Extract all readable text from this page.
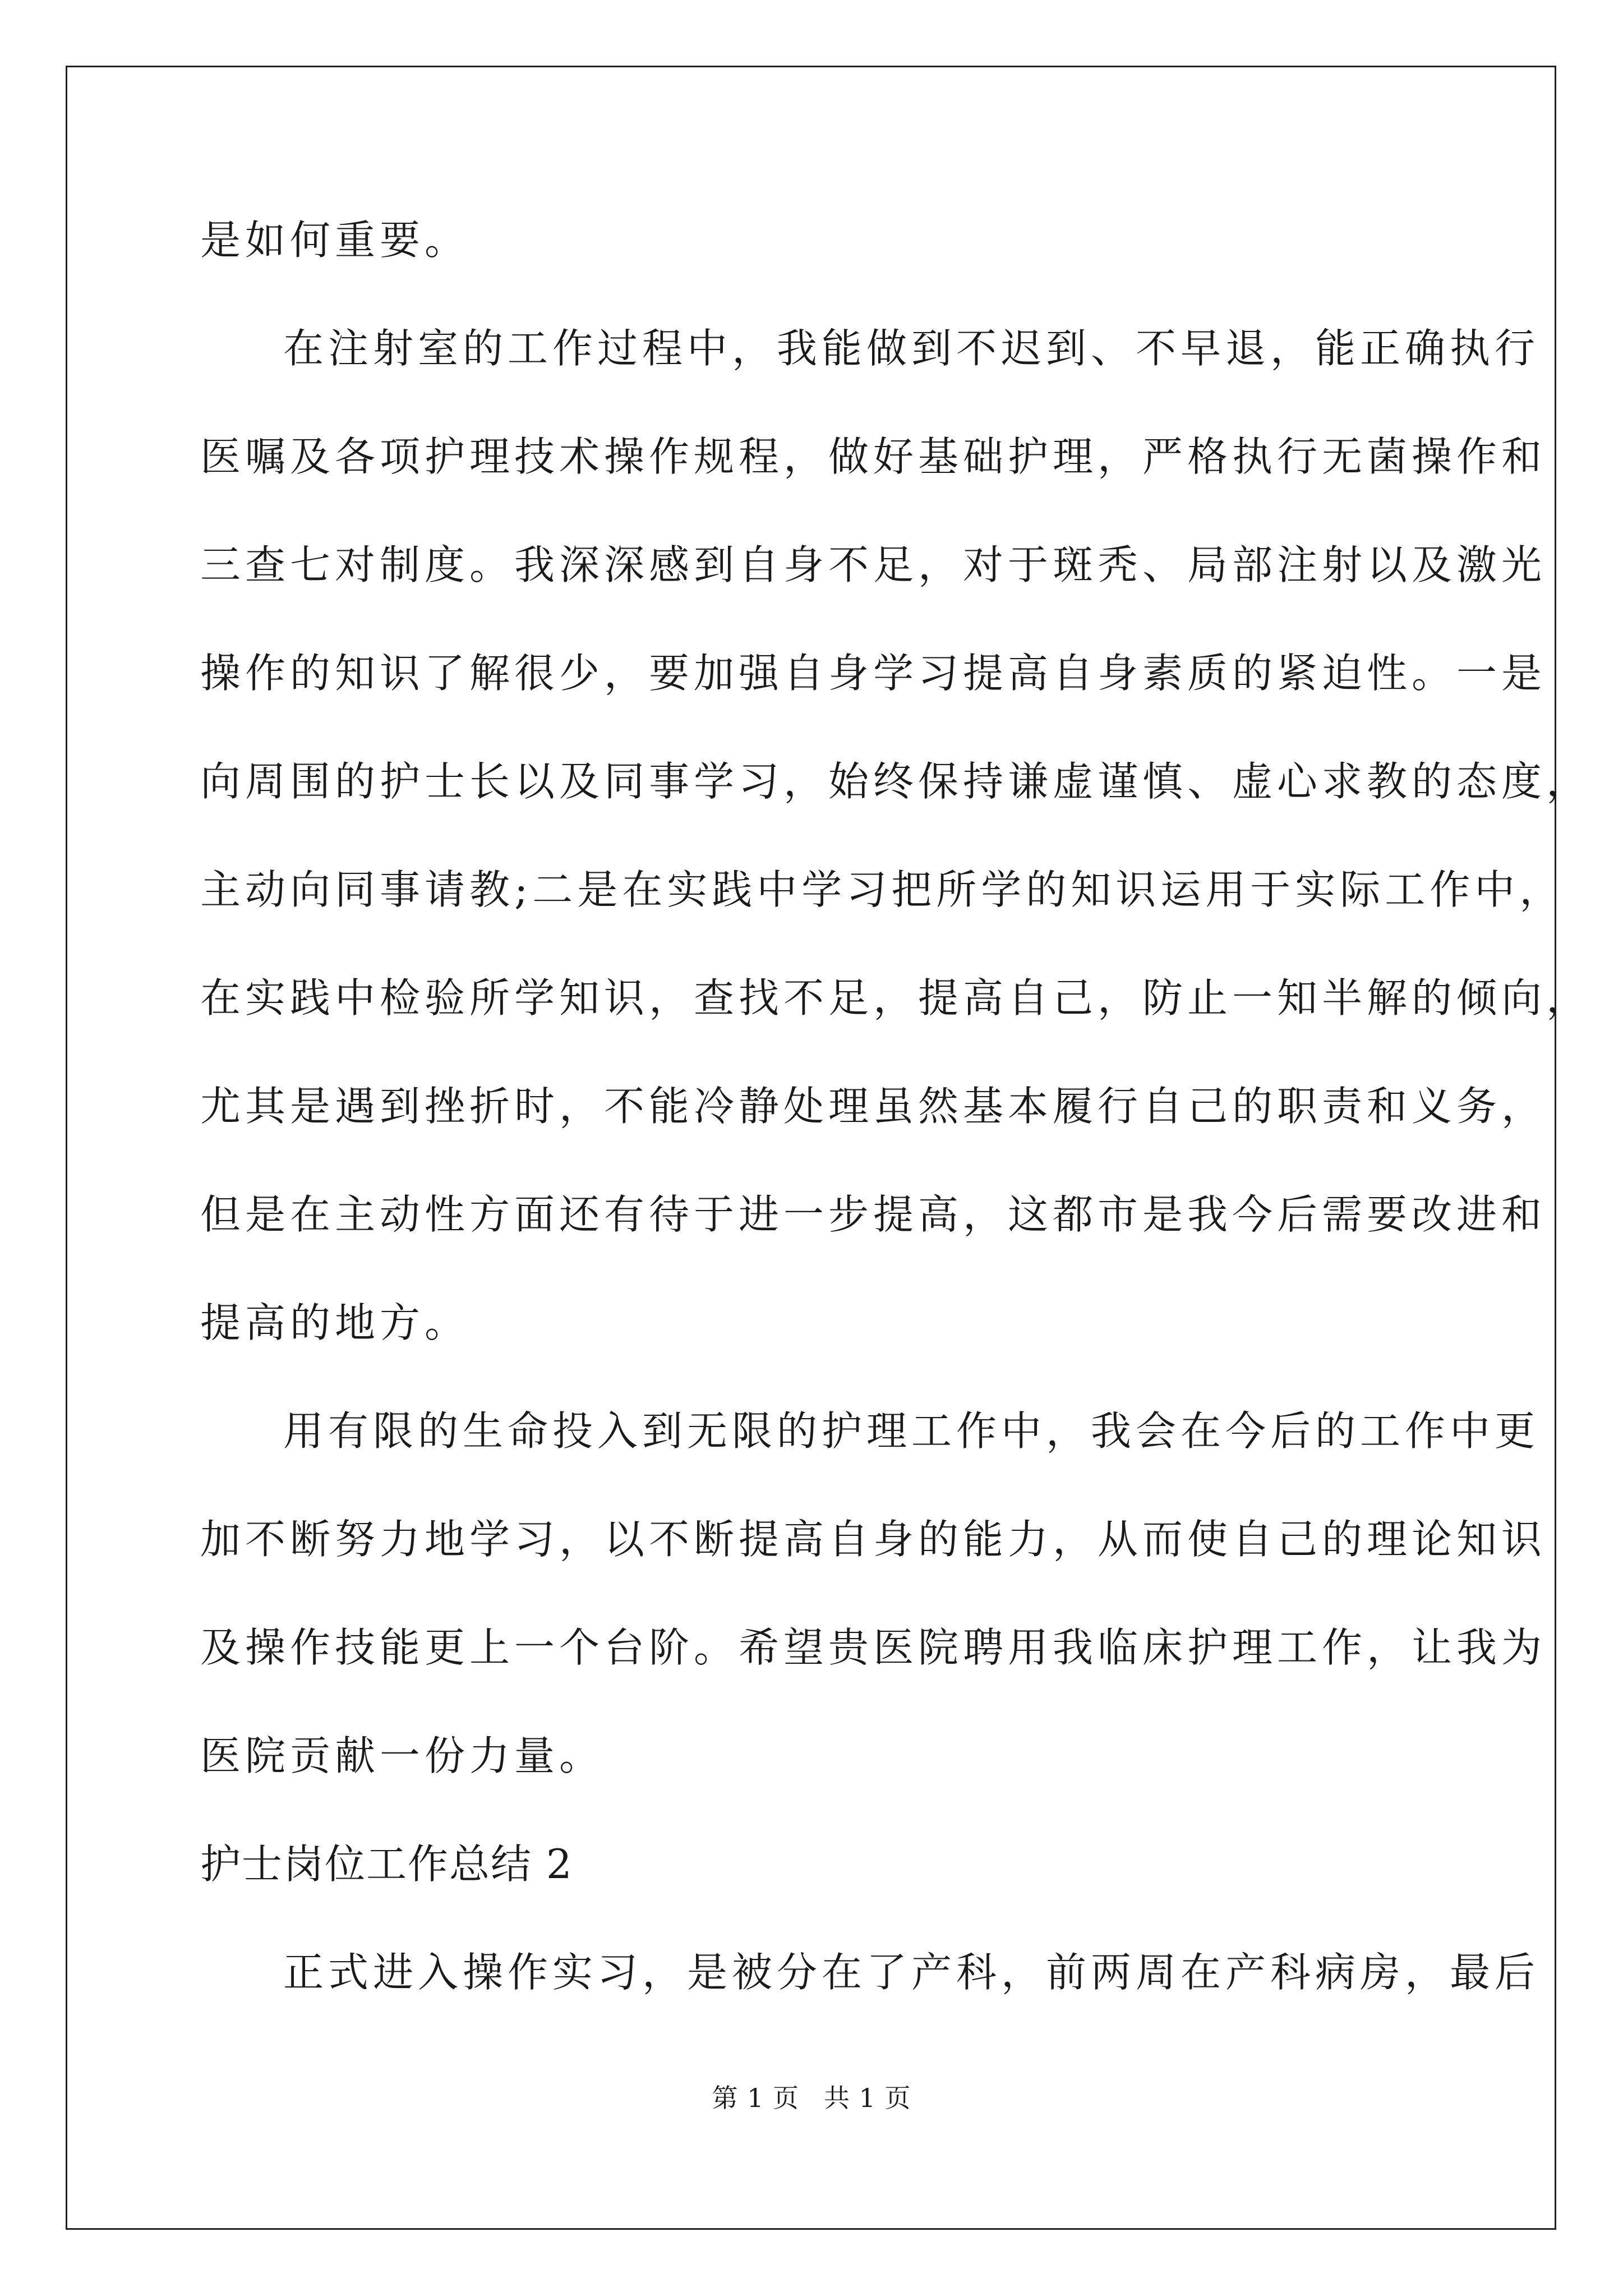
是如何重要。
在注射室的工作过程中，我能做到不迟到、不早退，能正确执行
医嘱及各项护理技术操作规程，做好基础护理，严格执行无菌操作和
三查七对制度。我深深感到自身不足，对于斑秃、局部注射以及激光
操作的知识了解很少，要加强自身学习提高自身素质的紧迫性。一是
向周围的护士长以及同事学习，始终保持谦虚谨慎、虚心求教的态度，
主动向同事请教;二是在实践中学习把所学的知识运用于实际工作中，
在实践中检验所学知识，查找不足，提高自己，防止一知半解的倾向，
尤其是遇到挫折时，不能冷静处理虽然基本履行自己的职责和义务，
但是在主动性方面还有待于进一步提高，这都市是我今后需要改进和
提高的地方。
用有限的生命投入到无限的护理工作中，我会在今后的工作中更
加不断努力地学习，以不断提高自身的能力，从而使自己的理论知识
及操作技能更上一个台阶。希望贵医院聘用我临床护理工作，让我为
医院贡献一份力量。
护士岗位工作总结 2
正式进入操作实习，是被分在了产科，前两周在产科病房，最后
第 1 页 共 1 页
